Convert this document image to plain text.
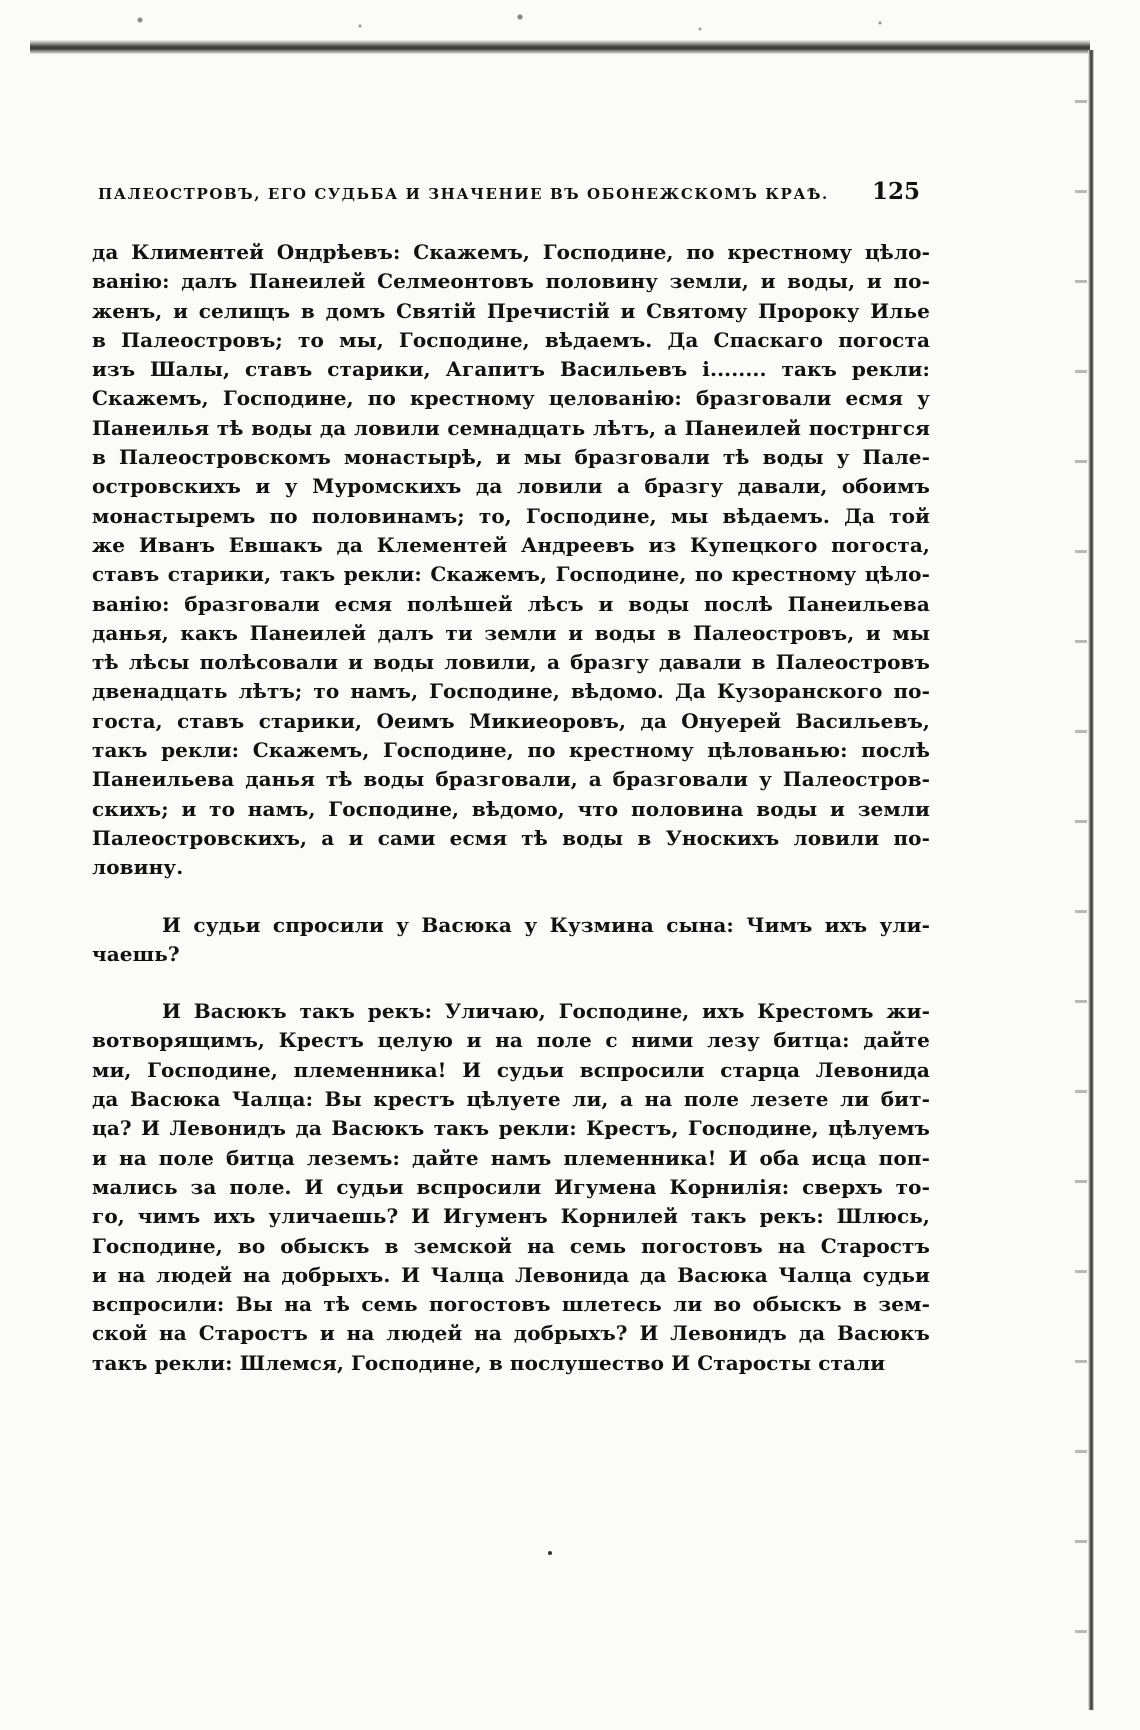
ПАЛЕОСТРОВЪ, ЕГО СУДЬБА И ЗНАЧЕНИЕ ВЪ ОБОНЕЖСКОМЪ КРАѢ. 125
да Климентей Ондрѣевъ: Скажемъ, Господине, по крестному цѣло-
ванію: далъ Панеилей Селмеонтовъ половину земли, и воды, и по-
женъ, и селищъ в домъ Святій Пречистій и Святому Пророку Илье
в Палеостровъ; то мы, Господине, вѣдаемъ. Да Спаскаго погоста
изъ Шалы, ставъ старики, Агапитъ Васильевъ і........ такъ рекли:
Скажемъ, Господине, по крестному целованію: бразговали есмя у
Панеилья тѣ воды да ловили семнадцать лѣтъ, а Панеилей пострнгся
в Палеостровскомъ монастырѣ, и мы бразговали тѣ воды у Пале-
островскихъ и у Муромскихъ да ловили а бразгу давали, обоимъ
монастыремъ по половинамъ; то, Господине, мы вѣдаемъ. Да той
же Иванъ Евшакъ да Клементей Андреевъ из Купецкого погоста,
ставъ старики, такъ рекли: Скажемъ, Господине, по крестному цѣло-
ванію: бразговали есмя полѣшей лѣсъ и воды послѣ Панеильева
данья, какъ Панеилей далъ ти земли и воды в Палеостровъ, и мы
тѣ лѣсы полѣсовали и воды ловили, а бразгу давали в Палеостровъ
двенадцать лѣтъ; то намъ, Господине, вѣдомо. Да Кузоранского по-
госта, ставъ старики, Оеимъ Микиеоровъ, да Онуерей Васильевъ,
такъ рекли: Скажемъ, Господине, по крестному цѣлованью: послѣ
Панеильева данья тѣ воды бразговали, а бразговали у Палеостров-
скихъ; и то намъ, Господине, вѣдомо, что половина воды и земли
Палеостровскихъ, а и сами есмя тѣ воды в Уноскихъ ловили по-
ловину.
И судьи спросили у Васюка у Кузмина сына: Чимъ ихъ ули-
чаешь?
И Васюкъ такъ рекъ: Уличаю, Господине, ихъ Крестомъ жи-
вотворящимъ, Крестъ целую и на поле с ними лезу битца: дайте
ми, Господине, племенника! И судьи вспросили старца Левонида
да Васюка Чалца: Вы крестъ цѣлуете ли, а на поле лезете ли бит-
ца? И Левонидъ да Васюкъ такъ рекли: Крестъ, Господине, цѣлуемъ
и на поле битца леземъ: дайте намъ племенника! И оба исца поп-
мались за поле. И судьи вспросили Игумена Корнилія: сверхъ то-
го, чимъ ихъ уличаешь? И Игуменъ Корнилей такъ рекъ: Шлюсь,
Господине, во обыскъ в земской на семь погостовъ на Старостъ
и на людей на добрыхъ. И Чалца Левонида да Васюка Чалца судьи
вспросили: Вы на тѣ семь погостовъ шлетесь ли во обыскъ в зем-
ской на Старостъ и на людей на добрыхъ? И Левонидъ да Васюкъ
такъ рекли: Шлемся, Господине, в послушество И Старосты стали
